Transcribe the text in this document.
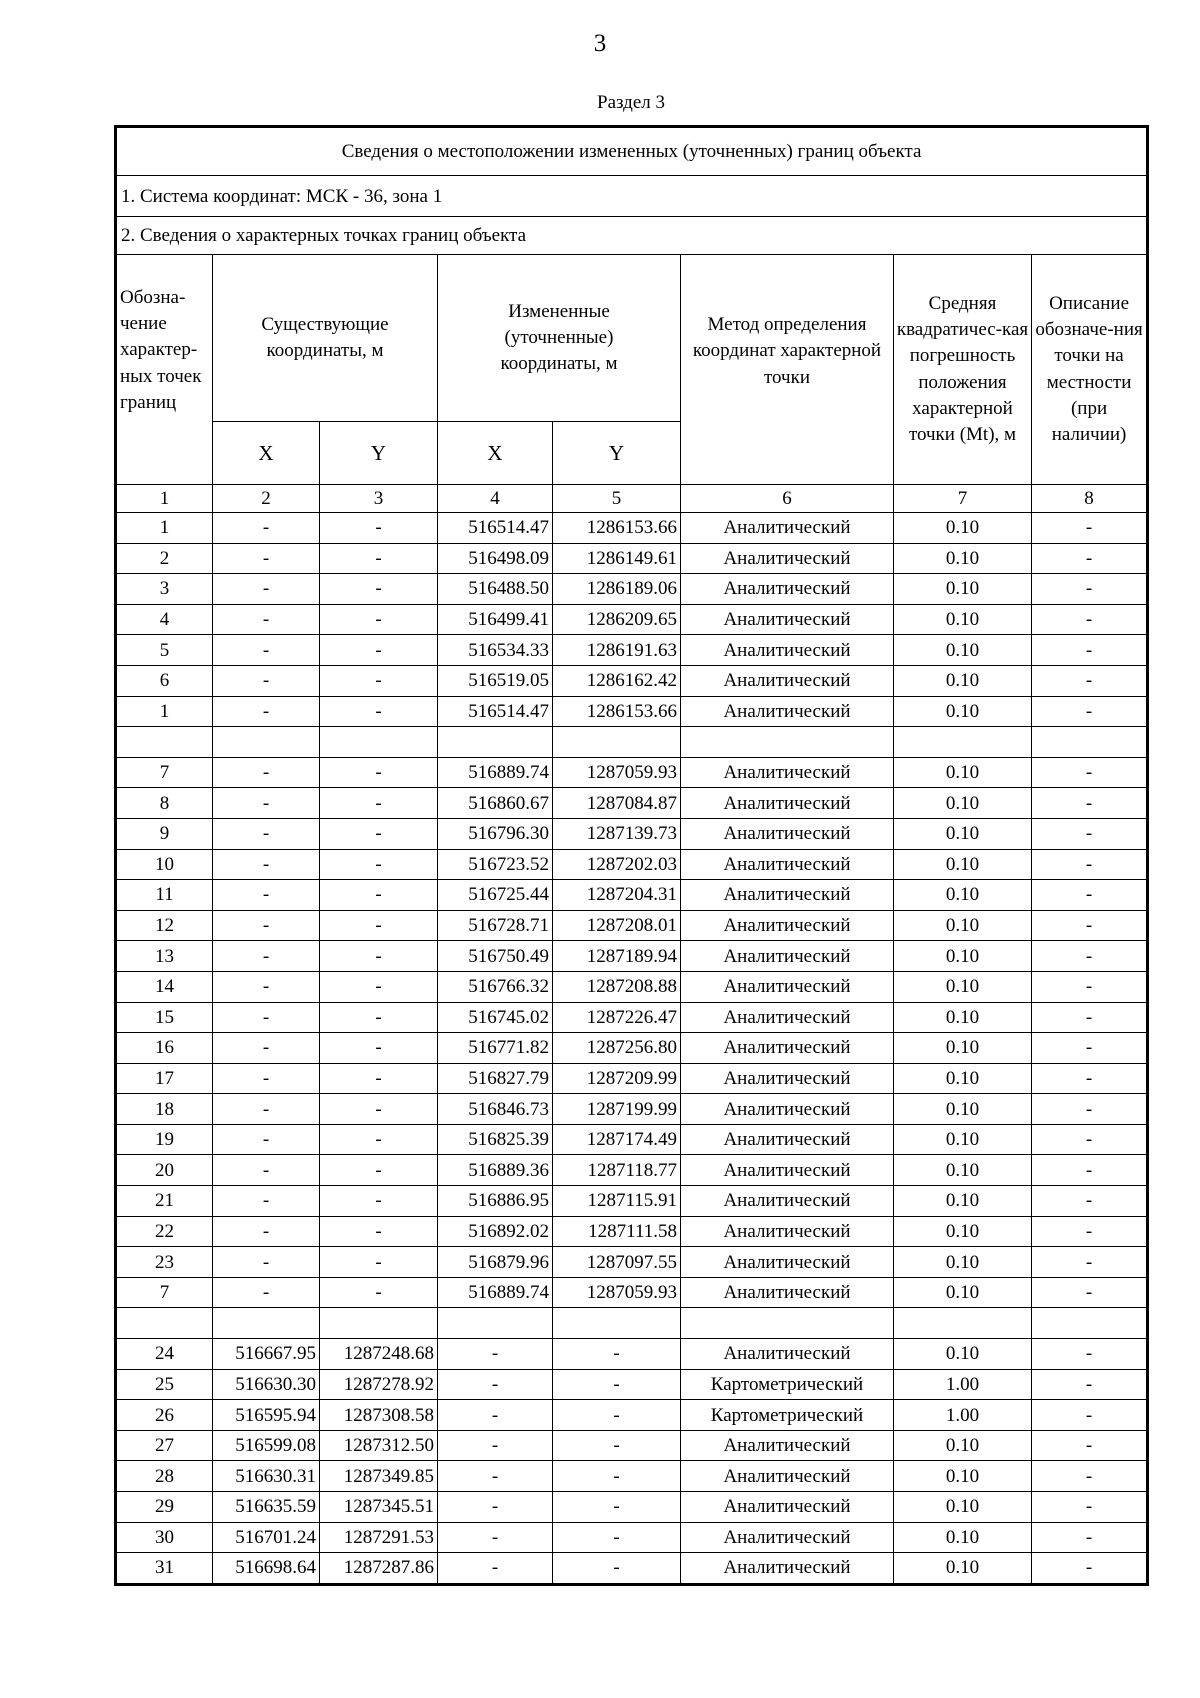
3
Раздел 3
Сведения о местоположении измененных (уточненных) границ объекта							
1. Система координат: МСК - 36, зона 1							
2. Сведения о характерных точках границ объекта							
Обозна-чение характер-ных точек границ	Существующие координаты, м		Измененные (уточненные) координаты, м		Метод определения координат характерной точки	Средняя квадратичес-кая погрешность положения характерной точки (Mt), м	Описание обозначе-ния точки на местности (при наличии)
	X	Y	X	Y			
1	2	3	4	5	6	7	8
1	-	-	516514.47	1286153.66	Аналитический	0.10	-
2	-	-	516498.09	1286149.61	Аналитический	0.10	-
3	-	-	516488.50	1286189.06	Аналитический	0.10	-
4	-	-	516499.41	1286209.65	Аналитический	0.10	-
5	-	-	516534.33	1286191.63	Аналитический	0.10	-
6	-	-	516519.05	1286162.42	Аналитический	0.10	-
1	-	-	516514.47	1286153.66	Аналитический	0.10	-

7	-	-	516889.74	1287059.93	Аналитический	0.10	-
8	-	-	516860.67	1287084.87	Аналитический	0.10	-
9	-	-	516796.30	1287139.73	Аналитический	0.10	-
10	-	-	516723.52	1287202.03	Аналитический	0.10	-
11	-	-	516725.44	1287204.31	Аналитический	0.10	-
12	-	-	516728.71	1287208.01	Аналитический	0.10	-
13	-	-	516750.49	1287189.94	Аналитический	0.10	-
14	-	-	516766.32	1287208.88	Аналитический	0.10	-
15	-	-	516745.02	1287226.47	Аналитический	0.10	-
16	-	-	516771.82	1287256.80	Аналитический	0.10	-
17	-	-	516827.79	1287209.99	Аналитический	0.10	-
18	-	-	516846.73	1287199.99	Аналитический	0.10	-
19	-	-	516825.39	1287174.49	Аналитический	0.10	-
20	-	-	516889.36	1287118.77	Аналитический	0.10	-
21	-	-	516886.95	1287115.91	Аналитический	0.10	-
22	-	-	516892.02	1287111.58	Аналитический	0.10	-
23	-	-	516879.96	1287097.55	Аналитический	0.10	-
7	-	-	516889.74	1287059.93	Аналитический	0.10	-

24	516667.95	1287248.68	-	-	Аналитический	0.10	-
25	516630.30	1287278.92	-	-	Картометрический	1.00	-
26	516595.94	1287308.58	-	-	Картометрический	1.00	-
27	516599.08	1287312.50	-	-	Аналитический	0.10	-
28	516630.31	1287349.85	-	-	Аналитический	0.10	-
29	516635.59	1287345.51	-	-	Аналитический	0.10	-
30	516701.24	1287291.53	-	-	Аналитический	0.10	-
31	516698.64	1287287.86	-	-	Аналитический	0.10	-
